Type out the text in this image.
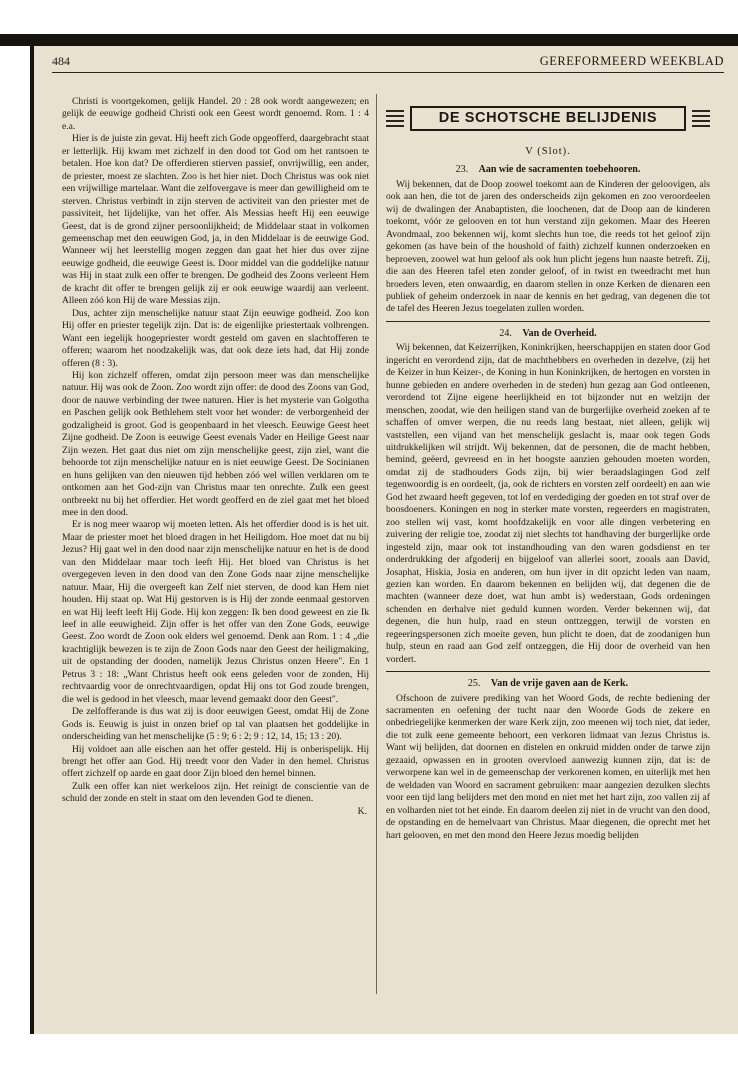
484	GEREFORMEERD WEEKBLAD

Christi is voortgekomen, gelijk Handel. 20 : 28 ook wordt aangewezen; en gelijk de eeuwige godheid Christi ook een Geest wordt genoemd. Rom. 1 : 4 e.a.

Hier is de juiste zin gevat. Hij heeft zich Gode opgeofferd, daargebracht staat er letterlijk. Hij kwam met zichzelf in den dood tot God om het rantsoen te betalen. Hoe kon dat? De offerdieren stierven passief, onvrijwillig, een ander, de priester, moest ze slachten. Zoo is het hier niet. Doch Christus was ook niet een vrijwillige martelaar. Want die zelfovergave is meer dan gewilligheid om te sterven. Christus verbindt in zijn sterven de activiteit van den priester met de passiviteit, het lijdelijke, van het offer. Als Messias heeft Hij een eeuwige Geest, dat is de grond zijner persoonlijkheid; de Middelaar staat in volkomen gemeenschap met den eeuwigen God, ja, in den Middelaar is de eeuwige God. Wanneer wij het leerstellig mogen zeggen dan gaat het hier dus over zijne eeuwige godheid, die eeuwige Geest is. Door middel van die goddelijke natuur was Hij in staat zulk een offer te brengen. De godheid des Zoons verleent Hem de kracht dit offer te brengen gelijk zij er ook eeuwige waardij aan verleent. Alleen zóó kon Hij de ware Messias zijn.

Dus, achter zijn menschelijke natuur staat Zijn eeuwige godheid. Zoo kon Hij offer en priester tegelijk zijn. Dat is: de eigenlijke priestertaak volbrengen. Want een iegelijk hoogepriester wordt gesteld om gaven en slachtofferen te offeren; waarom het noodzakelijk was, dat ook deze iets had, dat Hij zonde offeren (8 : 3).

Hij kon zichzelf offeren, omdat zijn persoon meer was dan menschelijke natuur. Hij was ook de Zoon. Zoo wordt zijn offer: de dood des Zoons van God, door de nauwe verbinding der twee naturen. Hier is het mysterie van Golgotha en Paschen gelijk ook Bethlehem stelt voor het wonder: de verborgenheid der godzaligheid is groot. God is geopenbaard in het vleesch. Eeuwige Geest heet Zijne godheid. De Zoon is eeuwige Geest evenals Vader en Heilige Geest naar Zijn wezen. Het gaat dus niet om zijn menschelijke geest, zijn ziel, want die behoorde tot zijn menschelijke natuur en is niet eeuwige Geest. De Socinianen en huns gelijken van den nieuwen tijd hebben zóó wel willen verklaren om te ontkomen aan het God-zijn van Christus maar ten onrechte. Zulk een geest ontbreekt nu bij het offerdier. Het wordt geofferd en de ziel gaat met het bloed mee in den dood.

Er is nog meer waarop wij moeten letten. Als het offerdier dood is is het uit. Maar de priester moet het bloed dragen in het Heiligdom. Hoe moet dat nu bij Jezus? Hij gaat wel in den dood naar zijn menschelijke natuur en het is de dood van den Middelaar maar toch leeft Hij. Het bloed van Christus is het overgegeven leven in den dood van den Zone Gods naar zijne menschelijke natuur. Maar, Hij die overgeeft kan Zelf niet sterven, de dood kan Hem niet houden. Hij staat op. Wat Hij gestorven is is Hij der zonde eenmaal gestorven en wat Hij leeft leeft Hij Gode. Hij kon zeggen: Ik ben dood geweest en zie Ik leef in alle eeuwigheid. Zijn offer is het offer van den Zone Gods, eeuwige Geest. Zoo wordt de Zoon ook elders wel genoemd. Denk aan Rom. 1 : 4 „die krachtiglijk bewezen is te zijn de Zoon Gods naar den Geest der heiligmaking, uit de opstanding der dooden, namelijk Jezus Christus onzen Heere". En 1 Petrus 3 : 18: „Want Christus heeft ook eens geleden voor de zonden, Hij rechtvaardig voor de onrechtvaardigen, opdat Hij ons tot God zoude brengen, die wel is gedood in het vleesch, maar levend gemaakt door den Geest".

De zelfofferande is dus wat zij is door eeuwigen Geest, omdat Hij de Zone Gods is. Eeuwig is juist in onzen brief op tal van plaatsen het goddelijke in onderscheiding van het menschelijke (5 : 9; 6 : 2; 9 : 12, 14, 15; 13 : 20).

Hij voldoet aan alle eischen aan het offer gesteld. Hij is onberispelijk. Hij brengt het offer aan God. Hij treedt voor den Vader in den hemel. Christus offert zichzelf op aarde en gaat door Zijn bloed den hemel binnen.

Zulk een offer kan niet werkeloos zijn. Het reinigt de conscientie van de schuld der zonde en stelt in staat om den levenden God te dienen.

K.

DE SCHOTSCHE BELIJDENIS

V (Slot).

23. Aan wie de sacramenten toebehooren.

Wij bekennen, dat de Doop zoowel toekomt aan de Kinderen der geloovigen, als ook aan hen, die tot de jaren des onderscheids zijn gekomen en zoo veroordeelen wij de dwalingen der Anabaptisten, die loochenen, dat de Doop aan de kinderen toekomt, vóór ze gelooven en tot hun verstand zijn gekomen. Maar des Heeren Avondmaal, zoo bekennen wij, komt slechts hun toe, die reeds tot het geloof zijn gekomen (as have bein of the houshold of faith) zichzelf kunnen onderzoeken en beproeven, zoowel wat hun geloof als ook hun plicht jegens hun naaste betreft. Zij, die aan des Heeren tafel eten zonder geloof, of in twist en tweedracht met hun broeders leven, eten onwaardig, en daarom stellen in onze Kerken de dienaren een publiek of geheim onderzoek in naar de kennis en het gedrag, van degenen die tot de tafel des Heeren Jezus toegelaten zullen worden.

24. Van de Overheid.

Wij bekennen, dat Keizerrijken, Koninkrijken, heerschappijen en staten door God ingericht en verordend zijn, dat de machthebbers en overheden in dezelve, (zij het de Keizer in hun Keizer-, de Koning in hun Koninkrijken, de hertogen en vorsten in hunne gebieden en andere overheden in de steden) hun gezag aan God ontleenen, verordend tot Zijne eigene heerlijkheid en tot bijzonder nut en welzijn der menschen, zoodat, wie den heiligen stand van de burgerlijke overheid zoeken af te schaffen of omver werpen, die nu reeds lang bestaat, niet alleen, gelijk wij vaststellen, een vijand van het menschelijk geslacht is, maar ook tegen Gods uitdrukkelijken wil strijdt. Wij bekennen, dat de personen, die de macht hebben, bemind, geëerd, gevreesd en in het hoogste aanzien gehouden moeten worden, omdat zij de stadhouders Gods zijn, bij wier beraadslagingen God zelf tegenwoordig is en oordeelt, (ja, ook de richters en vorsten zelf oordeelt) en aan wie God het zwaard heeft gegeven, tot lof en verdediging der goeden en tot straf over de boosdoeners. Koningen en nog in sterker mate vorsten, regeerders en magistraten, zoo stellen wij vast, komt hoofdzakelijk en voor alle dingen verbetering en zuivering der religie toe, zoodat zij niet slechts tot handhaving der burgerlijke orde ingesteld zijn, maar ook tot instandhouding van den waren godsdienst en ter onderdrukking der afgoderij en bijgeloof van allerlei soort, zooals aan David, Josaphat, Hiskia, Josia en anderen, om hun ijver in dit opzicht leden van naam, gezien kan worden. En daarom bekennen en belijden wij, dat degenen die de machten (wanneer deze doet, wat hun ambt is) wederstaan, Gods ordeningen schenden en derhalve niet geduld kunnen worden. Verder bekennen wij, dat degenen, die hun hulp, raad en steun onttzeggen, terwijl de vorsten en regeeringspersonen zich moeite geven, hun plicht te doen, dat de zoodanigen hun hulp, steun en raad aan God zelf ontzeggen, die Hij door de overheid van hen vordert.

25. Van de vrije gaven aan de Kerk.

Ofschoon de zuivere prediking van het Woord Gods, de rechte bediening der sacramenten en oefening der tucht naar den Woorde Gods de zekere en onbedriegelijke kenmerken der ware Kerk zijn, zoo meenen wij toch niet, dat ieder, die tot zulk eene gemeente behoort, een verkoren lidmaat van Jezus Christus is. Want wij belijden, dat doornen en distelen en onkruid midden onder de tarwe zijn gezaaid, opwassen en in grooten overvloed aanwezig kunnen zijn, dat is: de verworpene kan wel in de gemeenschap der verkorenen komen, en uiterlijk met hen de weldaden van Woord en sacrament gebruiken: maar aangezien dezulken slechts voor een tijd lang belijders met den mond en niet met het hart zijn, zoo vallen zij af en volharden niet tot het einde. En daarom deelen zij niet in de vrucht van den dood, de opstanding en de hemelvaart van Christus. Maar diegenen, die oprecht met het hart gelooven, en met den mond den Heere Jezus moedig belijden
